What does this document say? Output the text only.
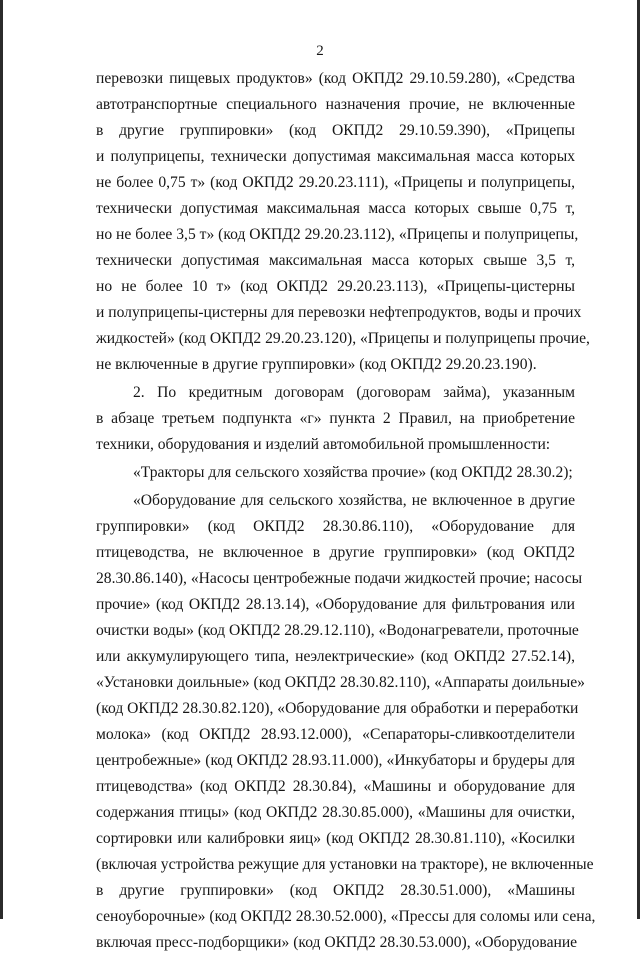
2
перевозки пищевых продуктов» (код ОКПД2 29.10.59.280), «Средства
автотранспортные специального назначения прочие, не включенные
в другие группировки» (код ОКПД2 29.10.59.390), «Прицепы
и полуприцепы, технически допустимая максимальная масса которых
не более 0,75 т» (код ОКПД2 29.20.23.111), «Прицепы и полуприцепы,
технически допустимая максимальная масса которых свыше 0,75 т,
но не более 3,5 т» (код ОКПД2 29.20.23.112), «Прицепы и полуприцепы,
технически допустимая максимальная масса которых свыше 3,5 т,
но не более 10 т» (код ОКПД2 29.20.23.113), «Прицепы-цистерны
и полуприцепы-цистерны для перевозки нефтепродуктов, воды и прочих
жидкостей» (код ОКПД2 29.20.23.120), «Прицепы и полуприцепы прочие,
не включенные в другие группировки» (код ОКПД2 29.20.23.190).
2. По кредитным договорам (договорам займа), указанным
в абзаце третьем подпункта «г» пункта 2 Правил, на приобретение
техники, оборудования и изделий автомобильной промышленности:
«Тракторы для сельского хозяйства прочие» (код ОКПД2 28.30.2);
«Оборудование для сельского хозяйства, не включенное в другие
группировки» (код ОКПД2 28.30.86.110), «Оборудование для
птицеводства, не включенное в другие группировки» (код ОКПД2
28.30.86.140), «Насосы центробежные подачи жидкостей прочие; насосы
прочие» (код ОКПД2 28.13.14), «Оборудование для фильтрования или
очистки воды» (код ОКПД2 28.29.12.110), «Водонагреватели, проточные
или аккумулирующего типа, неэлектрические» (код ОКПД2 27.52.14),
«Установки доильные» (код ОКПД2 28.30.82.110), «Аппараты доильные»
(код ОКПД2 28.30.82.120), «Оборудование для обработки и переработки
молока» (код ОКПД2 28.93.12.000), «Сепараторы-сливкоотделители
центробежные» (код ОКПД2 28.93.11.000), «Инкубаторы и брудеры для
птицеводства» (код ОКПД2 28.30.84), «Машины и оборудование для
содержания птицы» (код ОКПД2 28.30.85.000), «Машины для очистки,
сортировки или калибровки яиц» (код ОКПД2 28.30.81.110), «Косилки
(включая устройства режущие для установки на тракторе), не включенные
в другие группировки» (код ОКПД2 28.30.51.000), «Машины
сеноуборочные» (код ОКПД2 28.30.52.000), «Прессы для соломы или сена,
включая пресс-подборщики» (код ОКПД2 28.30.53.000), «Оборудование
